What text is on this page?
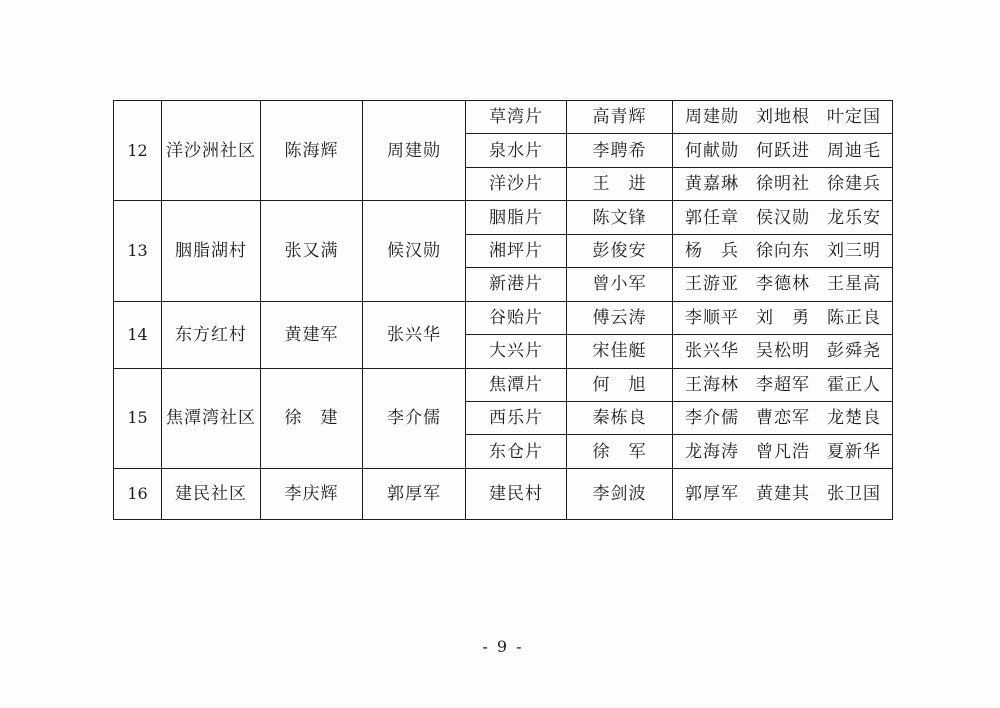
12	洋沙洲社区	陈海辉	周建勋	草湾片	高青辉	周建勋 刘地根 叶定国

				泉水片	李聘希	何献勋 何跃进 周迪毛

				洋沙片	王　进	黄嘉琳 徐明社 徐建兵

13	胭脂湖村	张又满	候汉勋	胭脂片	陈文锋	郭任章 侯汉勋 龙乐安

				湘坪片	彭俊安	杨　兵 徐向东 刘三明

				新港片	曾小军	王游亚 李德林 王星高

14	东方红村	黄建军	张兴华	谷贻片	傅云涛	李顺平 刘　勇 陈正良

				大兴片	宋佳艇	张兴华 吴松明 彭舜尧

15	焦潭湾社区	徐　建	李介儒	焦潭片	何　旭	王海林 李超军 霍正人

				西乐片	秦栋良	李介儒 曹恋军 龙楚良

				东仓片	徐　军	龙海涛 曾凡浩 夏新华

16	建民社区	李庆辉	郭厚军	建民村	李剑波	郭厚军 黄建其 张卫国
- 9 -
